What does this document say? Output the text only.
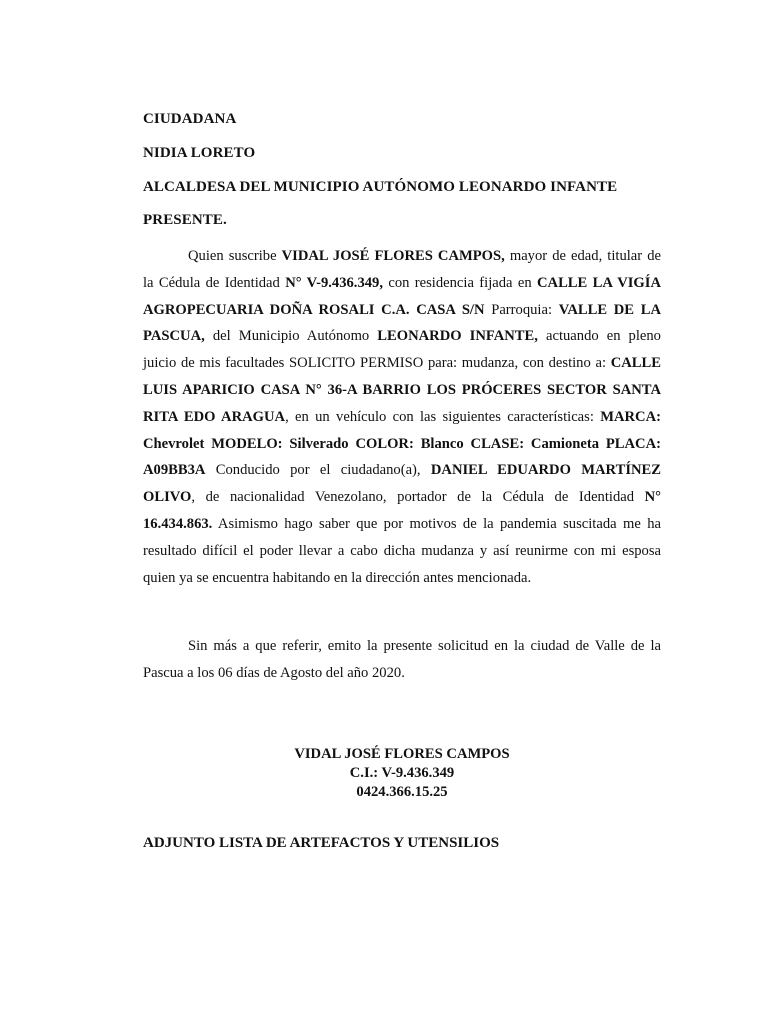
CIUDADANA
NIDIA LORETO
ALCALDESA DEL MUNICIPIO AUTÓNOMO LEONARDO INFANTE
PRESENTE.
Quien suscribe VIDAL JOSÉ FLORES CAMPOS, mayor de edad, titular de la Cédula de Identidad N° V-9.436.349, con residencia fijada en CALLE LA VIGÍA AGROPECUARIA DOÑA ROSALI C.A. CASA S/N Parroquia: VALLE DE LA PASCUA, del Municipio Autónomo LEONARDO INFANTE, actuando en pleno juicio de mis facultades SOLICITO PERMISO para: mudanza, con destino a: CALLE LUIS APARICIO CASA N° 36-A BARRIO LOS PRÓCERES SECTOR SANTA RITA EDO ARAGUA, en un vehículo con las siguientes características: MARCA: Chevrolet MODELO: Silverado COLOR: Blanco CLASE: Camioneta PLACA: A09BB3A Conducido por el ciudadano(a), DANIEL EDUARDO MARTÍNEZ OLIVO, de nacionalidad Venezolano, portador de la Cédula de Identidad N° 16.434.863. Asimismo hago saber que por motivos de la pandemia suscitada me ha resultado difícil el poder llevar a cabo dicha mudanza y así reunirme con mi esposa quien ya se encuentra habitando en la dirección antes mencionada.
Sin más a que referir, emito la presente solicitud en la ciudad de Valle de la Pascua a los 06 días de Agosto del año 2020.
VIDAL JOSÉ FLORES CAMPOS
C.I.: V-9.436.349
0424.366.15.25
ADJUNTO LISTA DE ARTEFACTOS Y UTENSILIOS
